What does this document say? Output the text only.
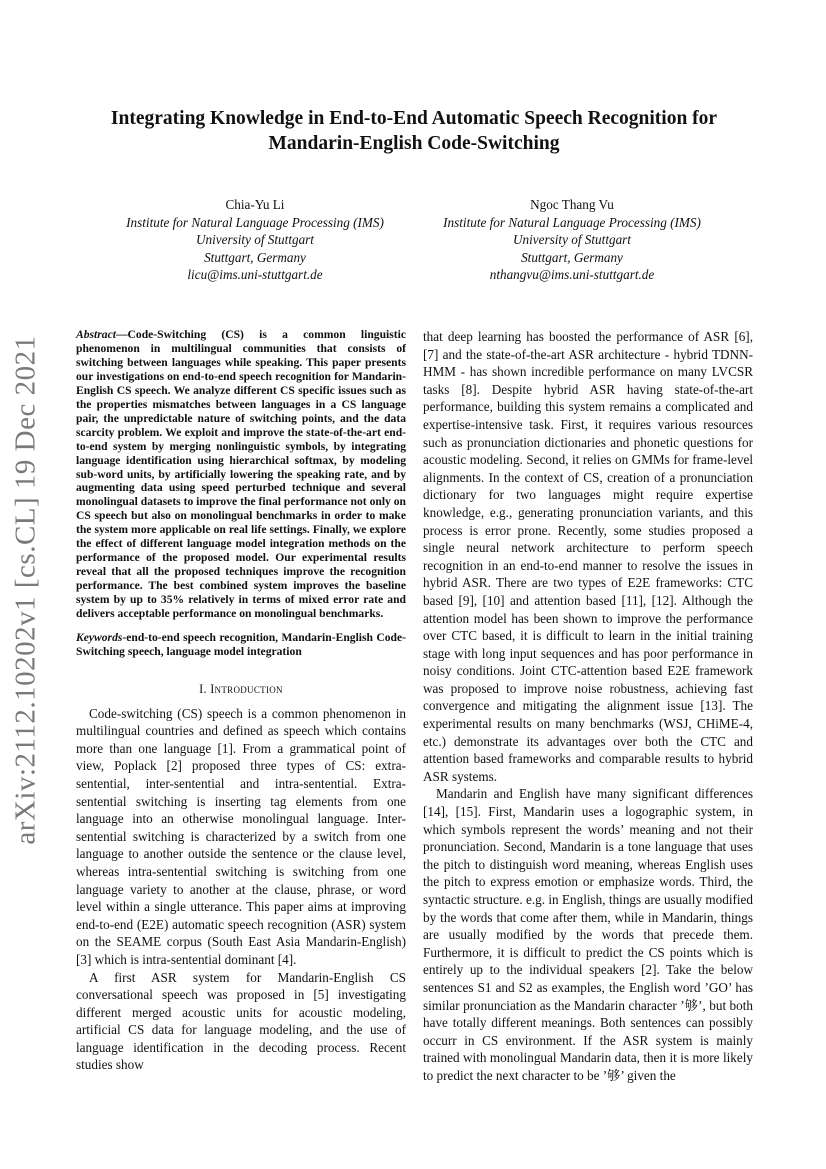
arXiv:2112.10202v1 [cs.CL] 19 Dec 2021
Integrating Knowledge in End-to-End Automatic Speech Recognition for Mandarin-English Code-Switching
Chia-Yu Li
Institute for Natural Language Processing (IMS)
University of Stuttgart
Stuttgart, Germany
licu@ims.uni-stuttgart.de
Ngoc Thang Vu
Institute for Natural Language Processing (IMS)
University of Stuttgart
Stuttgart, Germany
nthangvu@ims.uni-stuttgart.de

Abstract—Code-Switching (CS) is a common linguistic phenomenon in multilingual communities that consists of switching between languages while speaking. This paper presents our investigations on end-to-end speech recognition for Mandarin-English CS speech. We analyze different CS specific issues such as the properties mismatches between languages in a CS language pair, the unpredictable nature of switching points, and the data scarcity problem. We exploit and improve the state-of-the-art end-to-end system by merging nonlinguistic symbols, by integrating language identification using hierarchical softmax, by modeling sub-word units, by artificially lowering the speaking rate, and by augmenting data using speed perturbed technique and several monolingual datasets to improve the final performance not only on CS speech but also on monolingual benchmarks in order to make the system more applicable on real life settings. Finally, we explore the effect of different language model integration methods on the performance of the proposed model. Our experimental results reveal that all the proposed techniques improve the recognition performance. The best combined system improves the baseline system by up to 35% relatively in terms of mixed error rate and delivers acceptable performance on monolingual benchmarks.

Keywords-end-to-end speech recognition, Mandarin-English Code-Switching speech, language model integration

I. Introduction

Code-switching (CS) speech is a common phenomenon in multilingual countries and defined as speech which contains more than one language [1]. From a grammatical point of view, Poplack [2] proposed three types of CS: extra-sentential, inter-sentential and intra-sentential. Extra-sentential switching is inserting tag elements from one language into an otherwise monolingual language. Inter-sentential switching is characterized by a switch from one language to another outside the sentence or the clause level, whereas intra-sentential switching is switching from one language variety to another at the clause, phrase, or word level within a single utterance. This paper aims at improving end-to-end (E2E) automatic speech recognition (ASR) system on the SEAME corpus (South East Asia Mandarin-English) [3] which is intra-sentential dominant [4].

A first ASR system for Mandarin-English CS conversational speech was proposed in [5] investigating different merged acoustic units for acoustic modeling, artificial CS data for language modeling, and the use of language identification in the decoding process. Recent studies show

that deep learning has boosted the performance of ASR [6], [7] and the state-of-the-art ASR architecture - hybrid TDNN-HMM - has shown incredible performance on many LVCSR tasks [8]. Despite hybrid ASR having state-of-the-art performance, building this system remains a complicated and expertise-intensive task. First, it requires various resources such as pronunciation dictionaries and phonetic questions for acoustic modeling. Second, it relies on GMMs for frame-level alignments. In the context of CS, creation of a pronunciation dictionary for two languages might require expertise knowledge, e.g., generating pronunciation variants, and this process is error prone. Recently, some studies proposed a single neural network architecture to perform speech recognition in an end-to-end manner to resolve the issues in hybrid ASR. There are two types of E2E frameworks: CTC based [9], [10] and attention based [11], [12]. Although the attention model has been shown to improve the performance over CTC based, it is difficult to learn in the initial training stage with long input sequences and has poor performance in noisy conditions. Joint CTC-attention based E2E framework was proposed to improve noise robustness, achieving fast convergence and mitigating the alignment issue [13]. The experimental results on many benchmarks (WSJ, CHiME-4, etc.) demonstrate its advantages over both the CTC and attention based frameworks and comparable results to hybrid ASR systems.

Mandarin and English have many significant differences [14], [15]. First, Mandarin uses a logographic system, in which symbols represent the words’ meaning and not their pronunciation. Second, Mandarin is a tone language that uses the pitch to distinguish word meaning, whereas English uses the pitch to express emotion or emphasize words. Third, the syntactic structure. e.g. in English, things are usually modified by the words that come after them, while in Mandarin, things are usually modified by the words that precede them. Furthermore, it is difficult to predict the CS points which is entirely up to the individual speakers [2]. Take the below sentences S1 and S2 as examples, the English word ’GO’ has similar pronunciation as the Mandarin character ’够’, but both have totally different meanings. Both sentences can possibly occurr in CS environment. If the ASR system is mainly trained with monolingual Mandarin data, then it is more likely to predict the next character to be ’够’ given the
